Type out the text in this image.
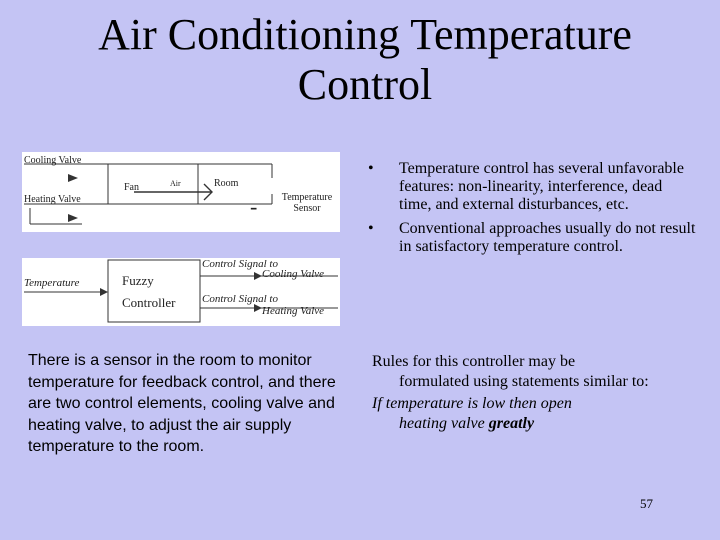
Air Conditioning Temperature Control
Cooling Valve
Heating Valve
Fan	Air	Room
Temperature
Sensor
-
Temperature	Fuzzy
Controller
Control Signal to
Cooling Valve
Control Signal to
Heating Valve
• Temperature control has several unfavorable features: non-linearity, interference, dead time, and external disturbances, etc.
• Conventional approaches usually do not result in satisfactory temperature control.
There is a sensor in the room to monitor temperature for feedback control, and there are two control elements, cooling valve and heating valve, to adjust the air supply temperature to the room.
Rules for this controller may be
formulated using statements similar to:
If temperature is low then open
heating valve greatly
57
